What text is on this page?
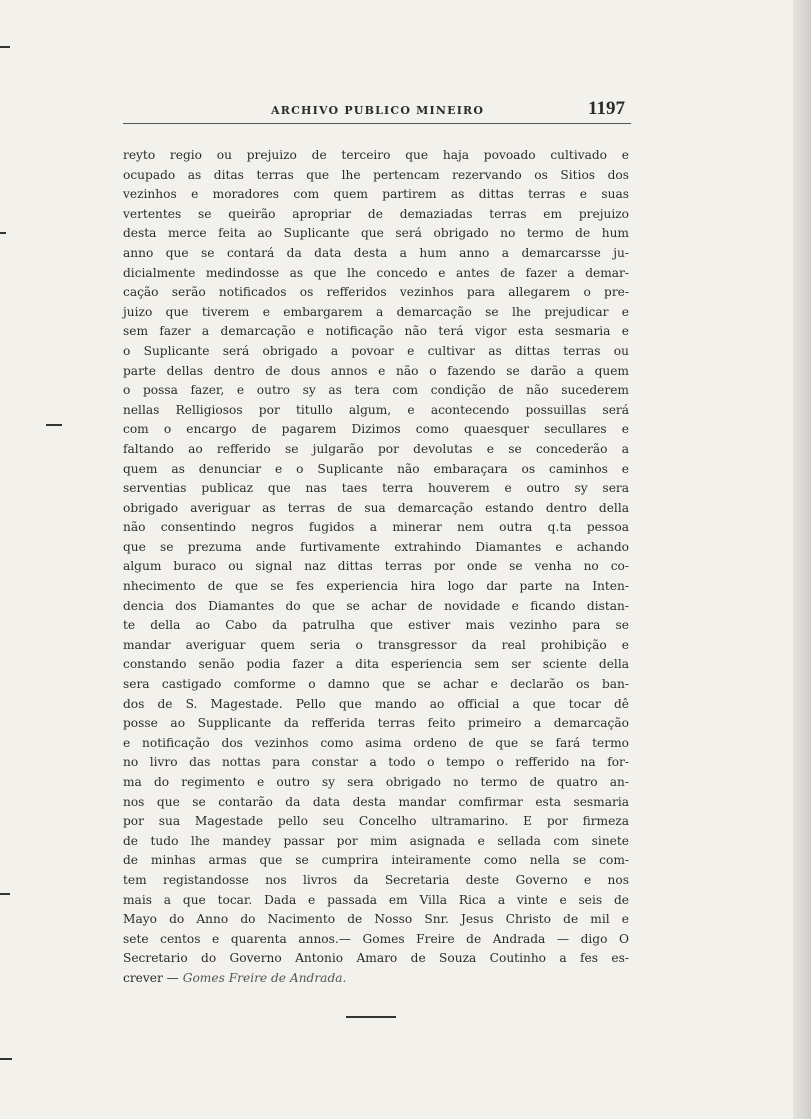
ARCHIVO PUBLICO MINEIRO	1197
reyto regio ou prejuizo de terceiro que haja povoado cultivado e
ocupado as ditas terras que lhe pertencam rezervando os Sitios dos
vezinhos e moradores com quem partirem as dittas terras e suas
vertentes se queirão apropriar de demaziadas terras em prejuizo
desta merce feita ao Suplicante que será obrigado no termo de hum
anno que se contará da data desta a hum anno a demarcarsse ju-
dicialmente medindosse as que lhe concedo e antes de fazer a demar-
cação serão notificados os refferidos vezinhos para allegarem o pre-
juizo que tiverem e embargarem a demarcação se lhe prejudicar e
sem fazer a demarcação e notificação não terá vigor esta sesmaria e
o Suplicante será obrigado a povoar e cultivar as dittas terras ou
parte dellas dentro de dous annos e não o fazendo se darão a quem
o possa fazer, e outro sy as tera com condição de não sucederem
nellas Relligiosos por titullo algum, e acontecendo possuillas será
com o encargo de pagarem Dizimos como quaesquer secullares e
faltando ao refferido se julgarão por devolutas e se concederão a
quem as denunciar e o Suplicante não embaraçara os caminhos e
serventias publicaz que nas taes terra houverem e outro sy sera
obrigado averiguar as terras de sua demarcação estando dentro della
não consentindo negros fugidos a minerar nem outra q.ta pessoa
que se prezuma ande furtivamente extrahindo Diamantes e achando
algum buraco ou signal naz dittas terras por onde se venha no co-
nhecimento de que se fes experiencia hira logo dar parte na Inten-
dencia dos Diamantes do que se achar de novidade e ficando distan-
te della ao Cabo da patrulha que estiver mais vezinho para se
mandar averiguar quem seria o transgressor da real prohibição e
constando senão podia fazer a dita esperiencia sem ser sciente della
sera castigado comforme o damno que se achar e declarão os ban-
dos de S. Magestade. Pello que mando ao official a que tocar dê
posse ao Supplicante da refferida terras feito primeiro a demarcação
e notificação dos vezinhos como asima ordeno de que se fará termo
no livro das nottas para constar a todo o tempo o refferido na for-
ma do regimento e outro sy sera obrigado no termo de quatro an-
nos que se contarão da data desta mandar comfirmar esta sesmaria
por sua Magestade pello seu Concelho ultramarino. E por firmeza
de tudo lhe mandey passar por mim asignada e sellada com sinete
de minhas armas que se cumprira inteiramente como nella se com-
tem registandosse nos livros da Secretaria deste Governo e nos
mais a que tocar. Dada e passada em Villa Rica a vinte e seis de
Mayo do Anno do Nacimento de Nosso Snr. Jesus Christo de mil e
sete centos e quarenta annos.— Gomes Freire de Andrada — digo O
Secretario do Governo Antonio Amaro de Souza Coutinho a fes es-
crever — Gomes Freire de Andrada.
